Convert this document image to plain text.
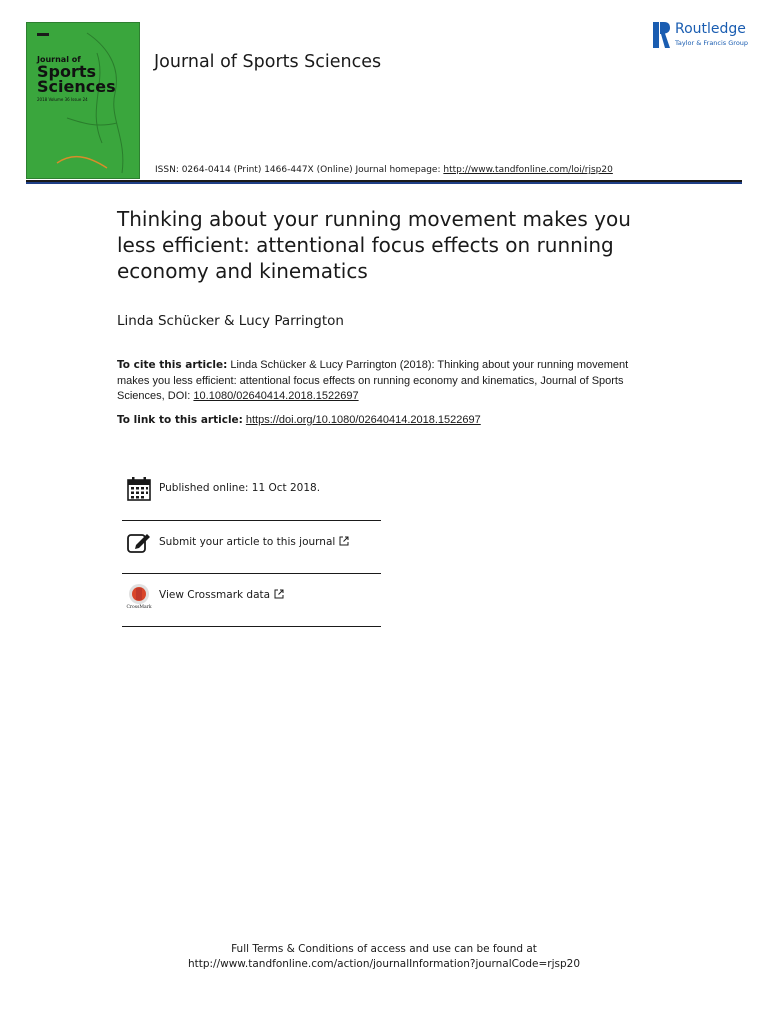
Journal of
Sports
Sciences
2018 Volume 36 Issue 24
Journal of Sports Sciences
Routledge
Taylor & Francis Group
ISSN: 0264-0414 (Print) 1466-447X (Online) Journal homepage: http://www.tandfonline.com/loi/rjsp20
Thinking about your running movement makes you less efficient: attentional focus effects on running economy and kinematics
Linda Schücker & Lucy Parrington
To cite this article: Linda Schücker & Lucy Parrington (2018): Thinking about your running movement makes you less efficient: attentional focus effects on running economy and kinematics, Journal of Sports Sciences, DOI: 10.1080/02640414.2018.1522697
To link to this article: https://doi.org/10.1080/02640414.2018.1522697
Published online: 11 Oct 2018.
Submit your article to this journal
CrossMark
View Crossmark data
Full Terms & Conditions of access and use can be found at
http://www.tandfonline.com/action/journalInformation?journalCode=rjsp20
